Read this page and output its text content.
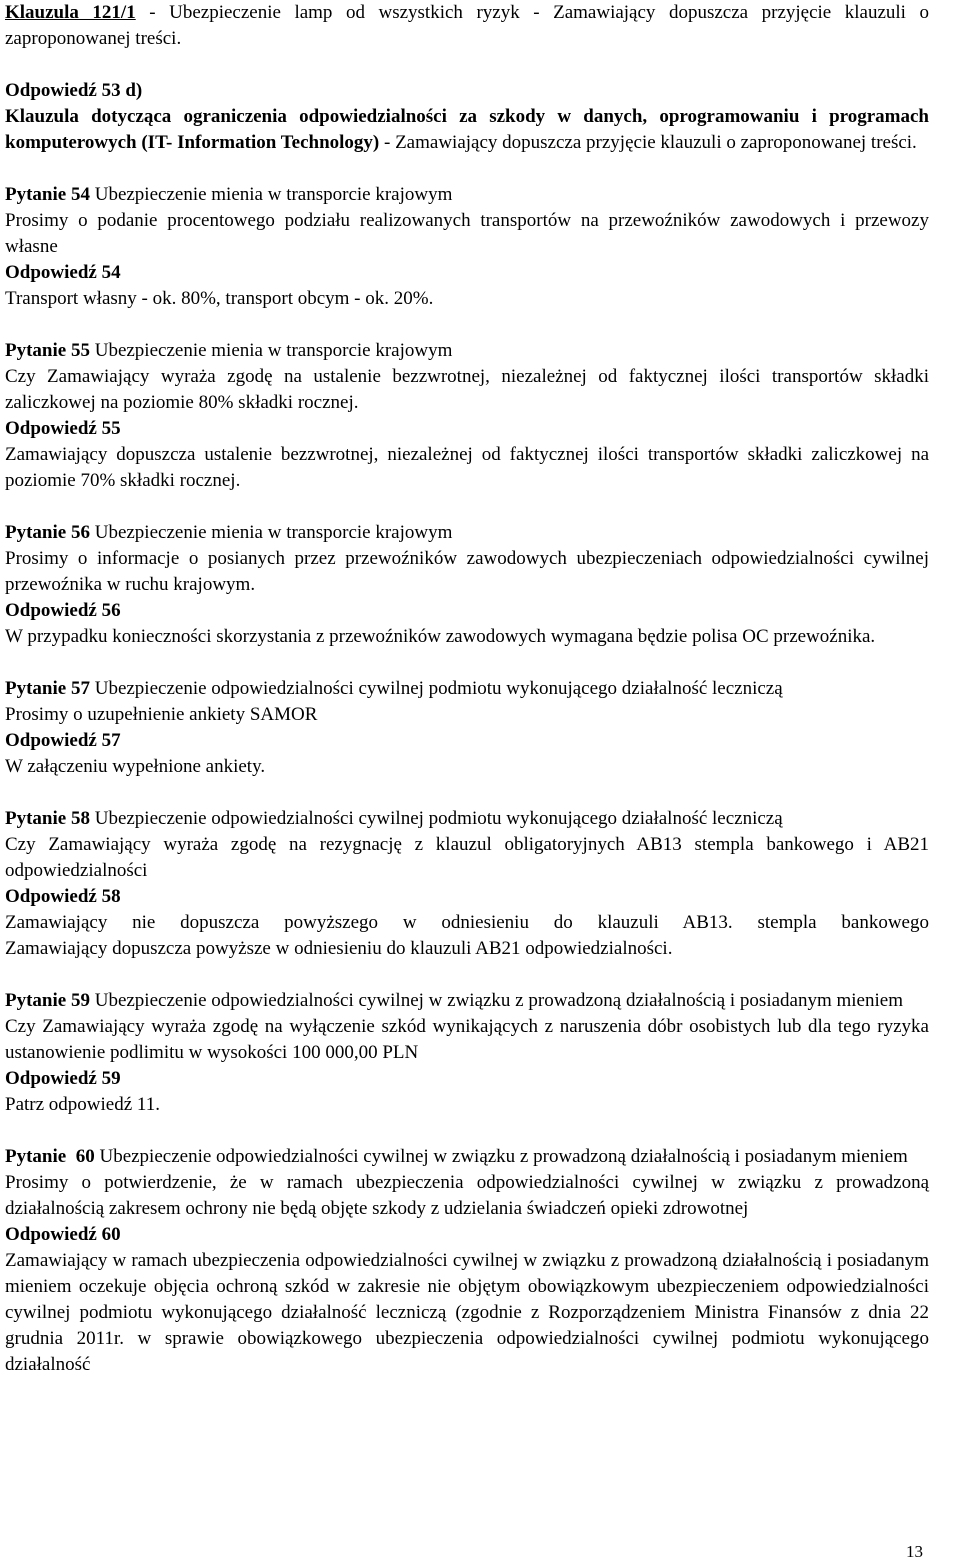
Klauzula 121/1 - Ubezpieczenie lamp od wszystkich ryzyk - Zamawiający dopuszcza przyjęcie klauzuli o zaproponowanej treści.

Odpowiedź 53 d)

Klauzula dotycząca ograniczenia odpowiedzialności za szkody w danych, oprogramowaniu i programach komputerowych (IT- Information Technology) - Zamawiający dopuszcza przyjęcie klauzuli o zaproponowanej treści.

Pytanie 54 Ubezpieczenie mienia w transporcie krajowym

Prosimy o podanie procentowego podziału realizowanych transportów na przewoźników zawodowych i przewozy własne

Odpowiedź 54

Transport własny - ok. 80%, transport obcym - ok. 20%.

Pytanie 55 Ubezpieczenie mienia w transporcie krajowym

Czy Zamawiający wyraża zgodę na ustalenie bezzwrotnej, niezależnej od faktycznej ilości transportów składki zaliczkowej na poziomie 80% składki rocznej.

Odpowiedź 55

Zamawiający dopuszcza ustalenie bezzwrotnej, niezależnej od faktycznej ilości transportów składki zaliczkowej na poziomie 70% składki rocznej.

Pytanie 56 Ubezpieczenie mienia w transporcie krajowym

Prosimy o informacje o posianych przez przewoźników zawodowych ubezpieczeniach odpowiedzialności cywilnej przewoźnika w ruchu krajowym.

Odpowiedź 56

W przypadku konieczności skorzystania z przewoźników zawodowych wymagana będzie polisa OC przewoźnika.

Pytanie 57 Ubezpieczenie odpowiedzialności cywilnej podmiotu wykonującego działalność leczniczą

Prosimy o uzupełnienie ankiety SAMOR

Odpowiedź 57

W załączeniu wypełnione ankiety.

Pytanie 58 Ubezpieczenie odpowiedzialności cywilnej podmiotu wykonującego działalność leczniczą

Czy Zamawiający wyraża zgodę na rezygnację z klauzul obligatoryjnych AB13 stempla bankowego i AB21 odpowiedzialności

Odpowiedź 58

Zamawiający nie dopuszcza powyższego w odniesieniu do klauzuli AB13. stempla bankowego

Zamawiający dopuszcza powyższe w odniesieniu do klauzuli AB21 odpowiedzialności.

Pytanie 59 Ubezpieczenie odpowiedzialności cywilnej w związku z prowadzoną działalnością i posiadanym mieniem

Czy Zamawiający wyraża zgodę na wyłączenie szkód wynikających z naruszenia dóbr osobistych lub dla tego ryzyka ustanowienie podlimitu w wysokości 100 000,00 PLN

Odpowiedź 59

Patrz odpowiedź 11.

Pytanie  60 Ubezpieczenie odpowiedzialności cywilnej w związku z prowadzoną działalnością i posiadanym mieniem

Prosimy o potwierdzenie, że w ramach ubezpieczenia odpowiedzialności cywilnej w związku z prowadzoną działalnością zakresem ochrony nie będą objęte szkody z udzielania świadczeń opieki zdrowotnej

Odpowiedź 60

Zamawiający w ramach ubezpieczenia odpowiedzialności cywilnej w związku z prowadzoną działalnością i posiadanym mieniem oczekuje objęcia ochroną szkód w zakresie nie objętym obowiązkowym ubezpieczeniem odpowiedzialności cywilnej podmiotu wykonującego działalność leczniczą (zgodnie z Rozporządzeniem Ministra Finansów z dnia 22 grudnia 2011r. w sprawie obowiązkowego ubezpieczenia odpowiedzialności cywilnej podmiotu wykonującego działalność

13
